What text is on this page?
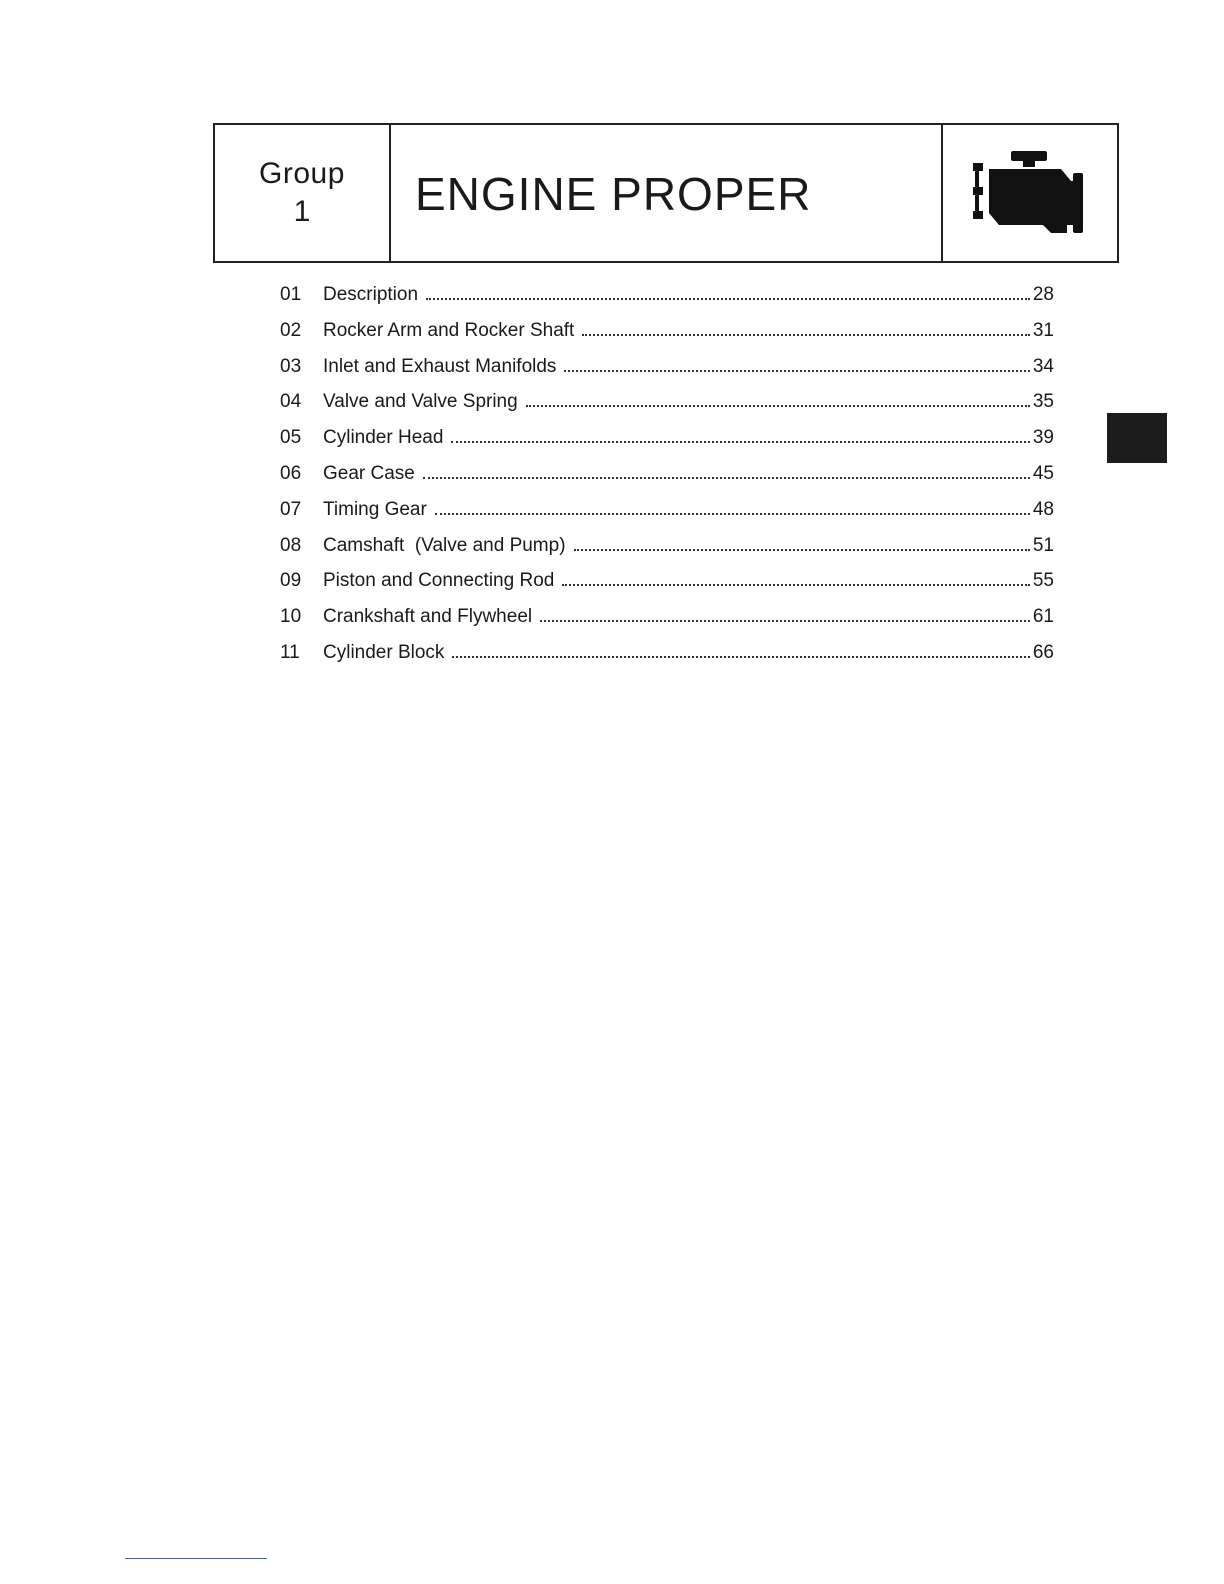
Group
1 ENGINE PROPER
01	Description	28
02	Rocker Arm and Rocker Shaft	31
03	Inlet and Exhaust Manifolds	34
04	Valve and Valve Spring	35
05	Cylinder Head	39
06	Gear Case	45
07	Timing Gear	48
08	Camshaft  (Valve and Pump)	51
09	Piston and Connecting Rod	55
10	Crankshaft and Flywheel	61
11	Cylinder Block	66
